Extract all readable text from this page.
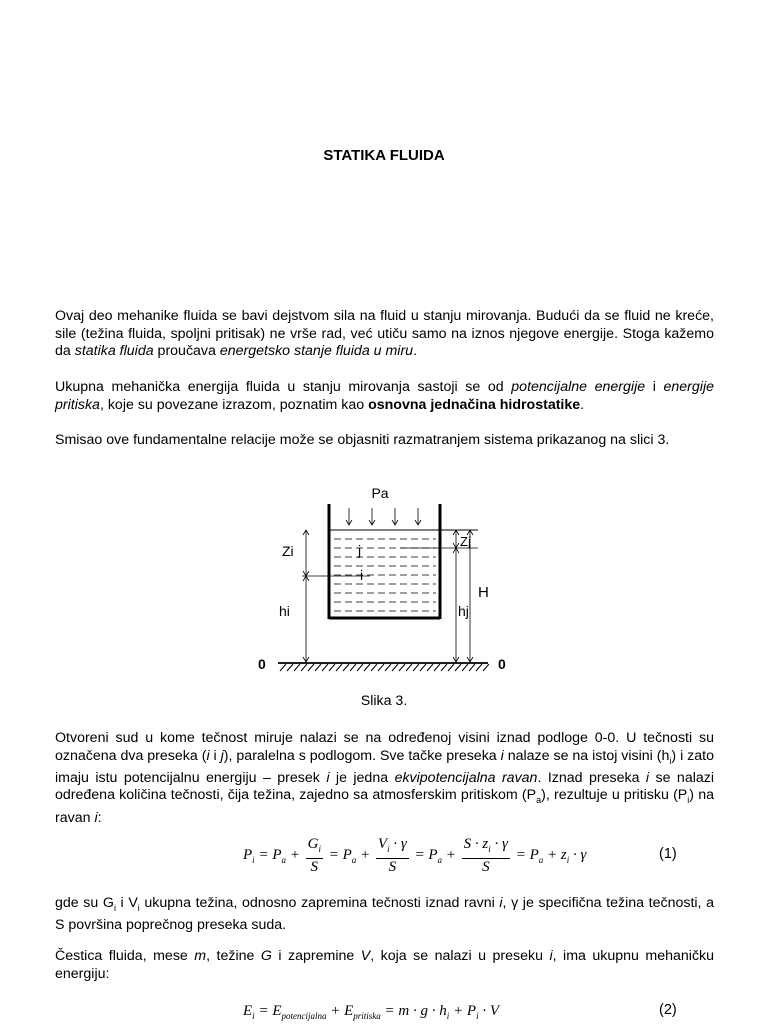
STATIKA FLUIDA

Ovaj deo mehanike fluida se bavi dejstvom sila na fluid u stanju mirovanja. Budući da se fluid ne kreće, sile (težina fluida, spoljni pritisak) ne vrše rad, već utiču samo na iznos njegove energije. Stoga kažemo da statika fluida proučava energetsko stanje fluida u miru.

Ukupna mehanička energija fluida u stanju mirovanja sastoji se od potencijalne energije i energije pritiska, koje su povezane izrazom, poznatim kao osnovna jednačina hidrostatike.

Smisao ove fundamentalne relacije može se objasniti razmatranjem sistema prikazanog na slici 3.

Pa
j
i
Zi
Zj
hi	hj
H
0	0
Slika 3.

Otvoreni sud u kome tečnost miruje nalazi se na određenoj visini iznad podloge 0-0. U tečnosti su označena dva preseka (i i j), paralelna s podlogom. Sve tačke preseka i nalaze se na istoj visini $(h_i)$ i zato imaju istu potencijalnu energiju – presek i je jedna ekvipotencijalna ravan. Iznad preseka i se nalazi određena količina tečnosti, čija težina, zajedno sa atmosferskim pritiskom $(P_a)$, rezultuje u pritisku $(P_i)$ na ravan i:

$P_i = P_a + \frac{G_i}{S} = P_a + \frac{V_i \cdot \gamma}{S} = P_a + \frac{S \cdot z_i \cdot \gamma}{S} = P_a + z_i \cdot \gamma$	(1)

gde su $G_i$ i $V_i$ ukupna težina, odnosno zapremina tečnosti iznad ravni i, γ je specifična težina tečnosti, a S površina poprečnog preseka suda.

Čestica fluida, mese m, težine G i zapremine V, koja se nalazi u preseku i, ima ukupnu mehaničku energiju:

$E_i = E_{potencijalna} + E_{pritiska} = m \cdot g \cdot h_i + P_i \cdot V$	(2)
